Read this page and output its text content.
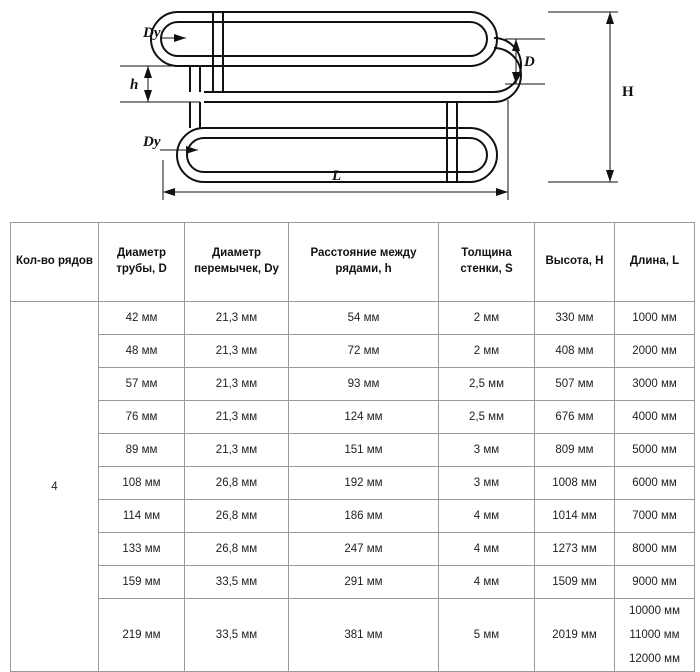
Dy
h
D
Dy
H
L
Кол-во рядов	Диаметр трубы, D	Диаметр перемычек, Dy	Расстояние между рядами, h	Толщина стенки, S	Высота, H	Длина, L
4	42 мм	21,3 мм	54 мм	2 мм	330 мм	1000 мм
	48 мм	21,3 мм	72 мм	2 мм	408 мм	2000 мм
	57 мм	21,3 мм	93 мм	2,5 мм	507 мм	3000 мм
	76 мм	21,3 мм	124 мм	2,5 мм	676 мм	4000 мм
	89 мм	21,3 мм	151 мм	3 мм	809 мм	5000 мм
	108 мм	26,8 мм	192 мм	3 мм	1008 мм	6000 мм
	114 мм	26,8 мм	186 мм	4 мм	1014 мм	7000 мм
	133 мм	26,8 мм	247 мм	4 мм	1273 мм	8000 мм
	159 мм	33,5 мм	291 мм	4 мм	1509 мм	9000 мм
	219 мм	33,5 мм	381 мм	5 мм	2019 мм	10000 мм
11000 мм
12000 мм
